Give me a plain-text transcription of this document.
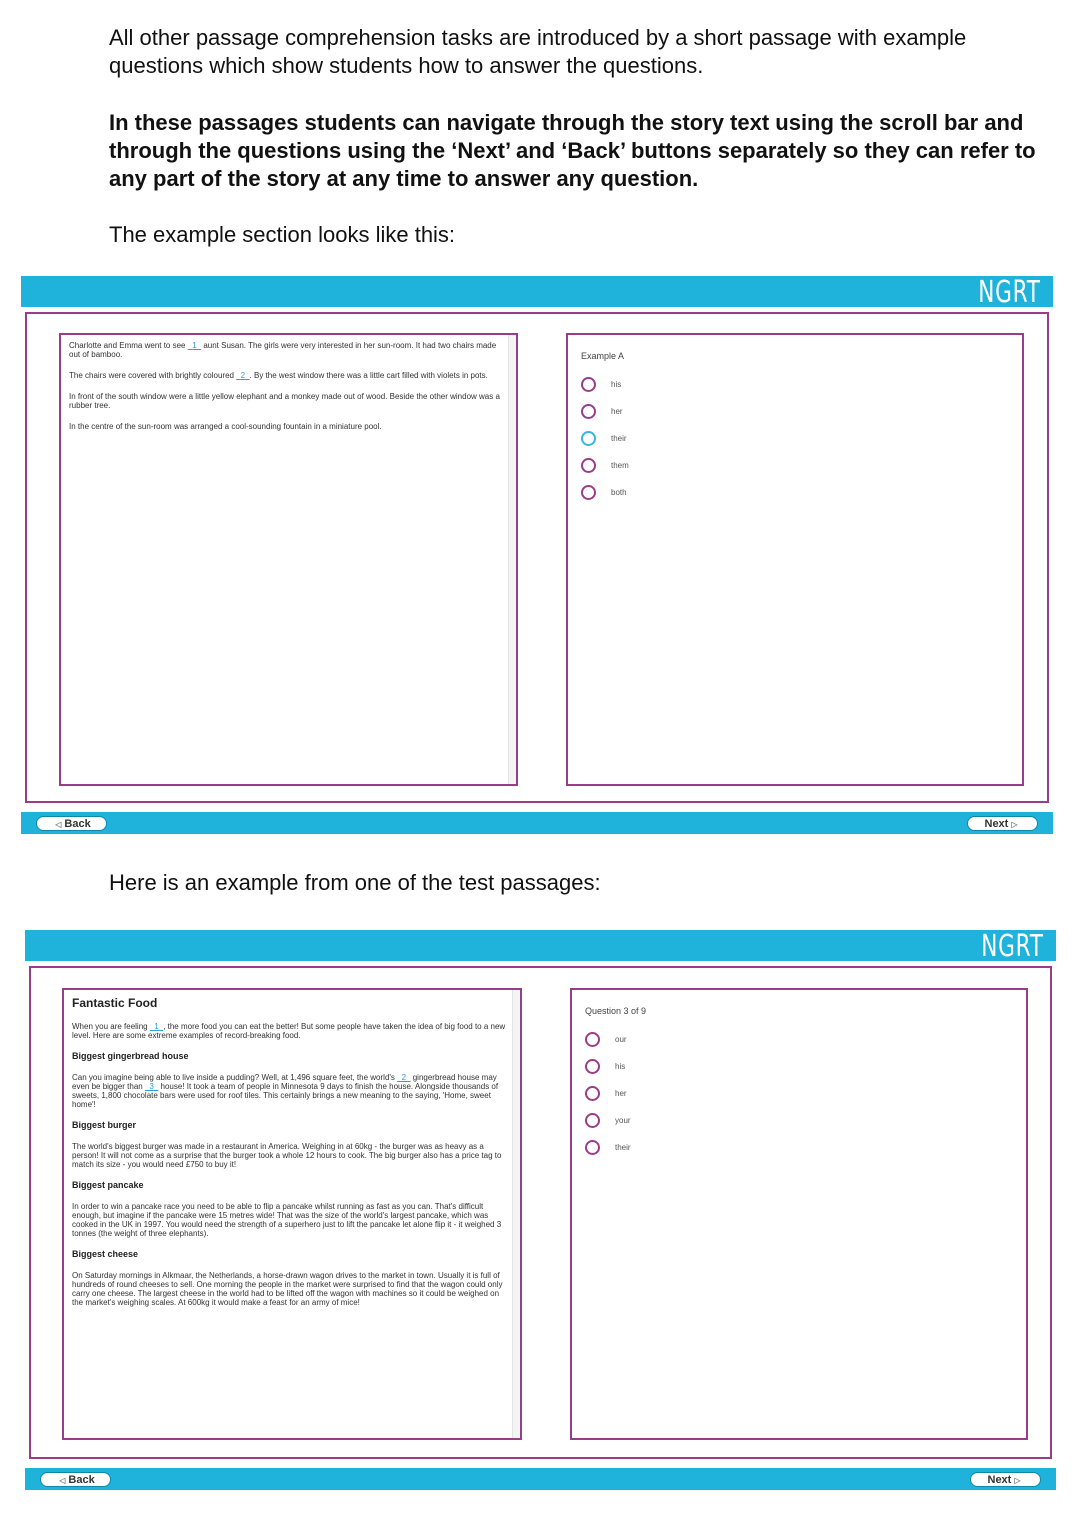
All other passage comprehension tasks are introduced by a short passage with example questions which show students how to answer the questions.

In these passages students can navigate through the story text using the scroll bar and through the questions using the ‘Next’ and ‘Back’ buttons separately so they can refer to any part of the story at any time to answer any question.

The example section looks like this:

NGRT

Charlotte and Emma went to see   1   aunt Susan. The girls were very interested in her sun-room. It had two chairs made out of bamboo.

The chairs were covered with brightly coloured   2 . By the west window there was a little cart filled with violets in pots.

In front of the south window were a little yellow elephant and a monkey made out of wood. Beside the other window was a rubber tree.

In the centre of the sun-room was arranged a cool-sounding fountain in a miniature pool.

Example A
his
her
their
them
both
◁ Back	Next ▷

Here is an example from one of the test passages:

NGRT
Fantastic Food

When you are feeling   1 , the more food you can eat the better! But some people have taken the idea of big food to a new level. Here are some extreme examples of record-breaking food.

Biggest gingerbread house

Can you imagine being able to live inside a pudding? Well, at 1,496 square feet, the world's   2   gingerbread house may even be bigger than   3   house! It took a team of people in Minnesota 9 days to finish the house. Alongside thousands of sweets, 1,800 chocolate bars were used for roof tiles. This certainly brings a new meaning to the saying, 'Home, sweet home'!

Biggest burger

The world's biggest burger was made in a restaurant in America. Weighing in at 60kg - the burger was as heavy as a person! It will not come as a surprise that the burger took a whole 12 hours to cook. The big burger also has a price tag to match its size - you would need £750 to buy it!

Biggest pancake

In order to win a pancake race you need to be able to flip a pancake whilst running as fast as you can. That's difficult enough, but imagine if the pancake were 15 metres wide! That was the size of the world's largest pancake, which was cooked in the UK in 1997. You would need the strength of a superhero just to lift the pancake let alone flip it - it weighed 3 tonnes (the weight of three elephants).

Biggest cheese

On Saturday mornings in Alkmaar, the Netherlands, a horse-drawn wagon drives to the market in town. Usually it is full of hundreds of round cheeses to sell. One morning the people in the market were surprised to find that the wagon could only carry one cheese. The largest cheese in the world had to be lifted off the wagon with machines so it could be weighed on the market's weighing scales. At 600kg it would make a feast for an army of mice!

Question 3 of 9
our
his
her
your
their
◁ Back	Next ▷
